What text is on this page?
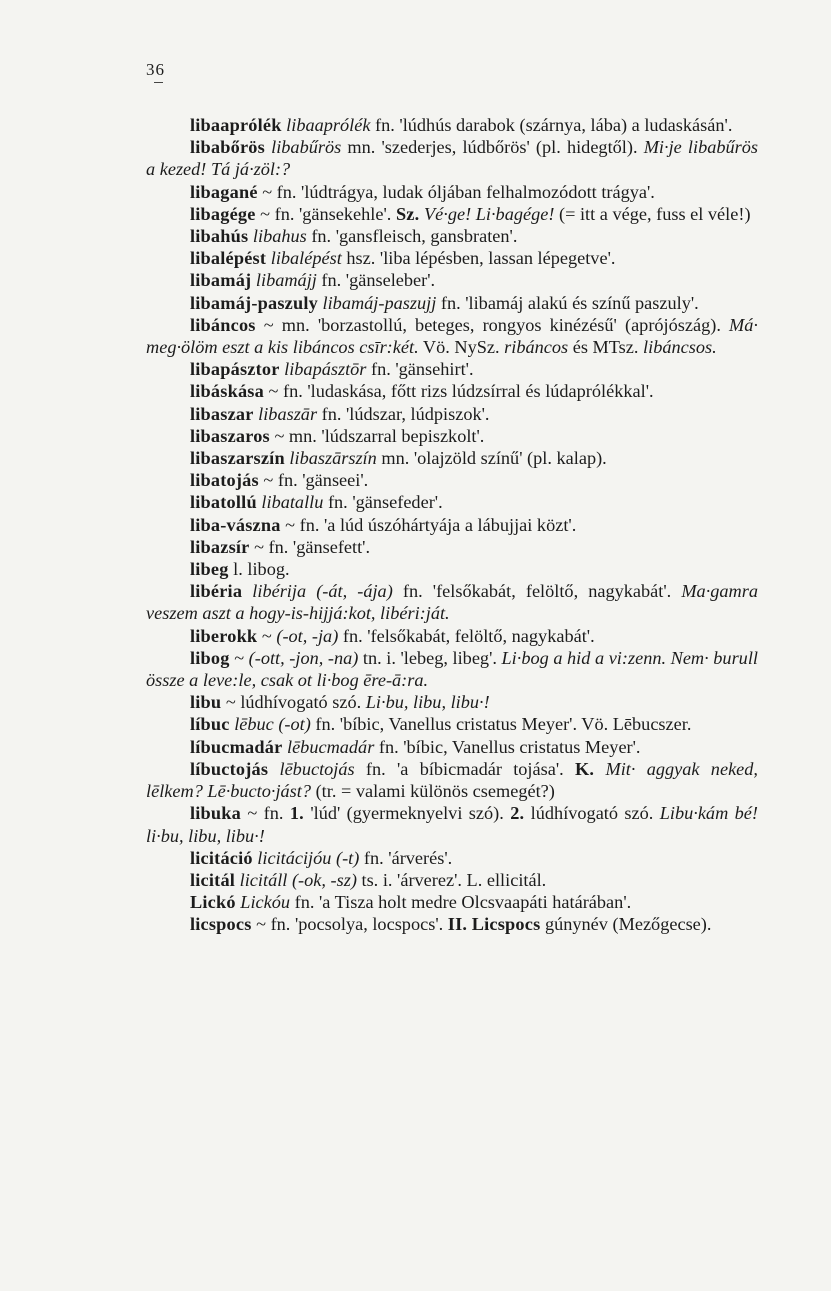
36
libaaprólék libaaprólék fn. 'lúdhús darabok (szárnya, lába) a ludaskásán'.
libabőrös libabűrös mn. 'szederjes, lúdbőrös' (pl. hidegtől). Mi·je libabűrös a kezed! Tá já·zöl:?
libagané ~ fn. 'lúdtrágya, ludak óljában felhalmozódott trágya'.
libagége ~ fn. 'gänsekehle'. Sz. Vé·ge! Li·bagége! (= itt a vége, fuss el véle!)
libahús libahus fn. 'gansfleisch, gansbraten'.
libalépést libalépést hsz. 'liba lépésben, lassan lépegetve'.
libamáj libamájj fn. 'gänseleber'.
libamáj-paszuly libamáj-paszujj fn. 'libamáj alakú és színű paszuly'.
libáncos ~ mn. 'borzastollú, beteges, rongyos kinézésű' (aprójószág). Má· meg·ölöm eszt a kis libáncos csīr:két. Vö. NySz. ribáncos és MTsz. libáncsos.
libapásztor libapásztōr fn. 'gänsehirt'.
libáskása ~ fn. 'ludaskása, főtt rizs lúdzsírral és lúdaprólékkal'.
libaszar libaszār fn. 'lúdszar, lúdpiszok'.
libaszaros ~ mn. 'lúdszarral bepiszkolt'.
libaszarszín libaszārszín mn. 'olajzöld színű' (pl. kalap).
libatojás ~ fn. 'gänseei'.
libatollú libatallu fn. 'gänsefeder'.
liba-vászna ~ fn. 'a lúd úszóhártyája a lábujjai közt'.
libazsír ~ fn. 'gänsefett'.
libeg l. libog.
libéria libérija (-át, -ája) fn. 'felsőkabát, felöltő, nagykabát'. Ma·gamra veszem aszt a hogy-is-hijjá:kot, libéri:ját.
liberokk ~ (-ot, -ja) fn. 'felsőkabát, felöltő, nagykabát'.
libog ~ (-ott, -jon, -na) tn. i. 'lebeg, libeg'. Li·bog a hid a vi:zenn. Nem· burull össze a leve:le, csak ot li·bog ēre-ā:ra.
libu ~ lúdhívogató szó. Li·bu, libu, libu·!
líbuc lēbuc (-ot) fn. 'bíbic, Vanellus cristatus Meyer'. Vö. Lēbucszer.
líbucmadár lēbucmadár fn. 'bíbic, Vanellus cristatus Meyer'.
líbuctojás lēbuctojás fn. 'a bíbicmadár tojása'. K. Mit· aggyak neked, lēlkem? Lē·bucto·jást? (tr. = valami különös csemegét?)
libuka ~ fn. 1. 'lúd' (gyermeknyelvi szó). 2. lúdhívogató szó. Libu·kám bé! li·bu, libu, libu·!
licitáció licitácijóu (-t) fn. 'árverés'.
licitál licitáll (-ok, -sz) ts. i. 'árverez'. L. ellicitál.
Lickó Lickóu fn. 'a Tisza holt medre Olcsvaapáti határában'.
licspocs ~ fn. 'pocsolya, locspocs'. II. Licspocs gúnynév (Mezőgecse).
